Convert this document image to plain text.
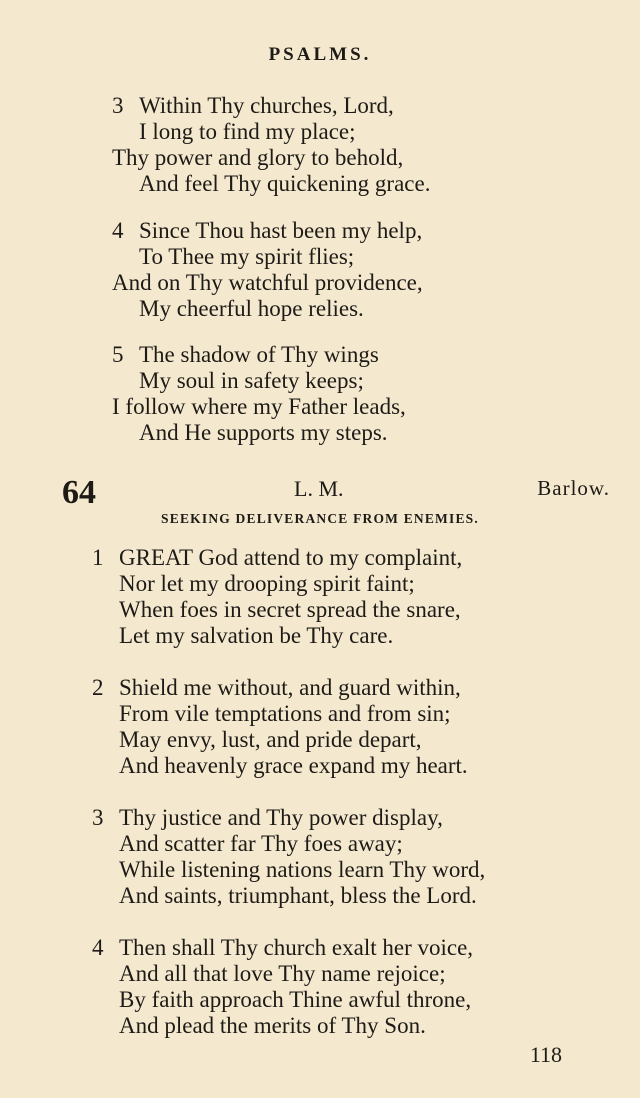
PSALMS.
3 Within Thy churches, Lord,
I long to find my place;
Thy power and glory to behold,
And feel Thy quickening grace.
4 Since Thou hast been my help,
To Thee my spirit flies;
And on Thy watchful providence,
My cheerful hope relies.
5 The shadow of Thy wings
My soul in safety keeps;
I follow where my Father leads,
And He supports my steps.
64	L. M.	Barlow.
SEEKING DELIVERANCE FROM ENEMIES.
1 GREAT God attend to my complaint,
Nor let my drooping spirit faint;
When foes in secret spread the snare,
Let my salvation be Thy care.
2 Shield me without, and guard within,
From vile temptations and from sin;
May envy, lust, and pride depart,
And heavenly grace expand my heart.
3 Thy justice and Thy power display,
And scatter far Thy foes away;
While listening nations learn Thy word,
And saints, triumphant, bless the Lord.
4 Then shall Thy church exalt her voice,
And all that love Thy name rejoice;
By faith approach Thine awful throne,
And plead the merits of Thy Son.
118
